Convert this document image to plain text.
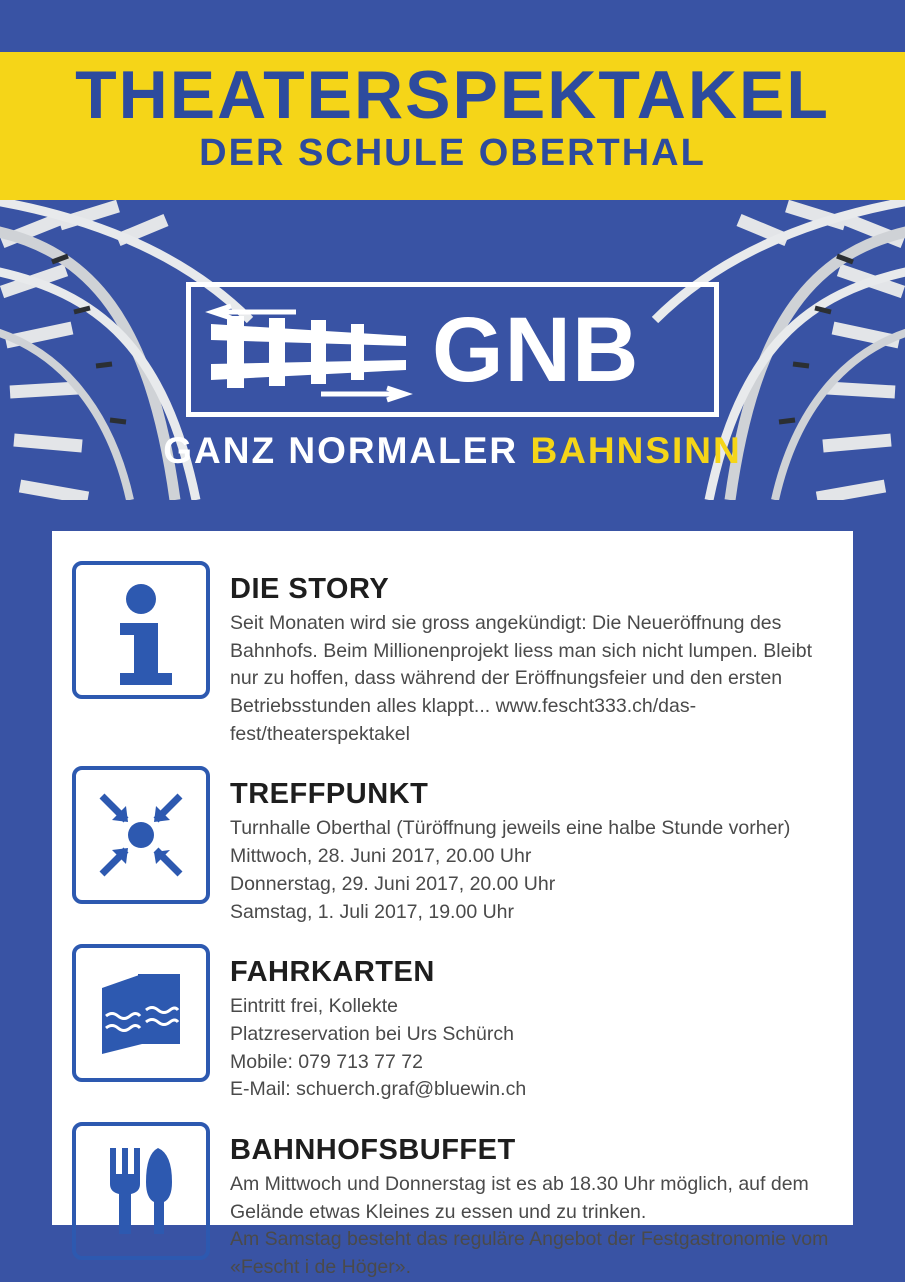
THEATERSPEKTAKEL
DER SCHULE OBERTHAL
GNB
GANZ NORMALER BAHNSINN
DIE STORY
Seit Monaten wird sie gross angekündigt: Die Neueröffnung des Bahnhofs. Beim Millionenprojekt liess man sich nicht lumpen. Bleibt nur zu hoffen, dass während der Eröffnungsfeier und den ersten Betriebsstunden alles klappt... www.fescht333.ch/das-fest/theaterspektakel
TREFFPUNKT
Turnhalle Oberthal (Türöffnung jeweils eine halbe Stunde vorher)
Mittwoch, 28. Juni 2017, 20.00 Uhr
Donnerstag, 29. Juni 2017, 20.00 Uhr
Samstag, 1. Juli 2017, 19.00 Uhr
FAHRKARTEN
Eintritt frei, Kollekte
Platzreservation bei Urs Schürch
Mobile: 079 713 77 72
E-Mail: schuerch.graf@bluewin.ch
BAHNHOFSBUFFET
Am Mittwoch und Donnerstag ist es ab 18.30 Uhr möglich, auf dem
Gelände etwas Kleines zu essen und zu trinken.
Am Samstag besteht das reguläre Angebot der Festgastronomie vom
«Fescht i de Höger».
